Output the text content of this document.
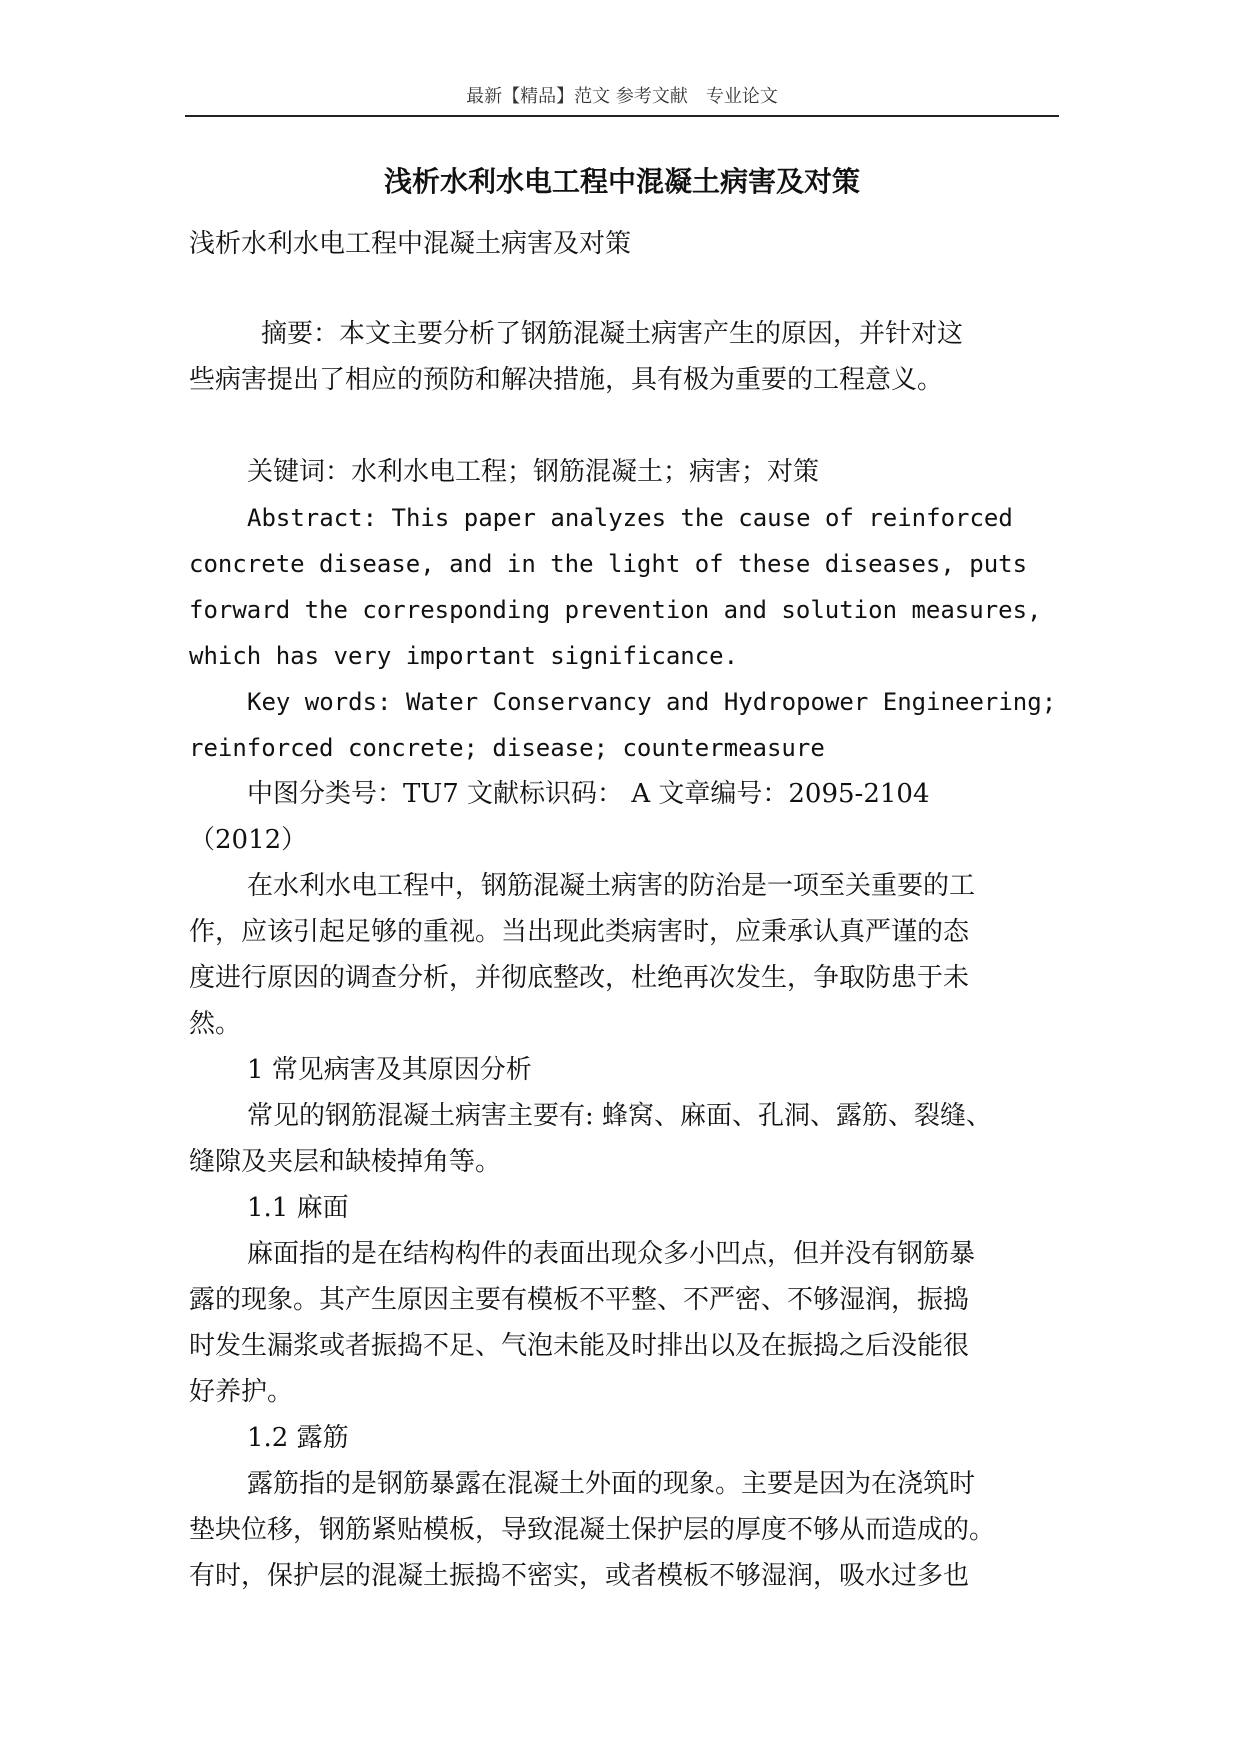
最新【精品】范文 参考文献　专业论文
浅析水利水电工程中混凝土病害及对策
浅析水利水电工程中混凝土病害及对策
摘要：本文主要分析了钢筋混凝土病害产生的原因，并针对这
些病害提出了相应的预防和解决措施，具有极为重要的工程意义。
关键词：水利水电工程；钢筋混凝土；病害；对策
Abstract: This paper analyzes the cause of reinforced
concrete disease, and in the light of these diseases, puts
forward the corresponding prevention and solution measures,
which has very important significance.
Key words: Water Conservancy and Hydropower Engineering;
reinforced concrete; disease; countermeasure
中图分类号：TU7 文献标识码： A 文章编号：2095-2104
（2012）
在水利水电工程中，钢筋混凝土病害的防治是一项至关重要的工
作，应该引起足够的重视。当出现此类病害时，应秉承认真严谨的态
度进行原因的调查分析，并彻底整改，杜绝再次发生，争取防患于未
然。
1 常见病害及其原因分析
常见的钢筋混凝土病害主要有: 蜂窝、麻面、孔洞、露筋、裂缝、
缝隙及夹层和缺棱掉角等。
1.1 麻面
麻面指的是在结构构件的表面出现众多小凹点，但并没有钢筋暴
露的现象。其产生原因主要有模板不平整、不严密、不够湿润，振捣
时发生漏浆或者振捣不足、气泡未能及时排出以及在振捣之后没能很
好养护。
1.2 露筋
露筋指的是钢筋暴露在混凝土外面的现象。主要是因为在浇筑时
垫块位移，钢筋紧贴模板，导致混凝土保护层的厚度不够从而造成的。
有时，保护层的混凝土振捣不密实，或者模板不够湿润，吸水过多也
